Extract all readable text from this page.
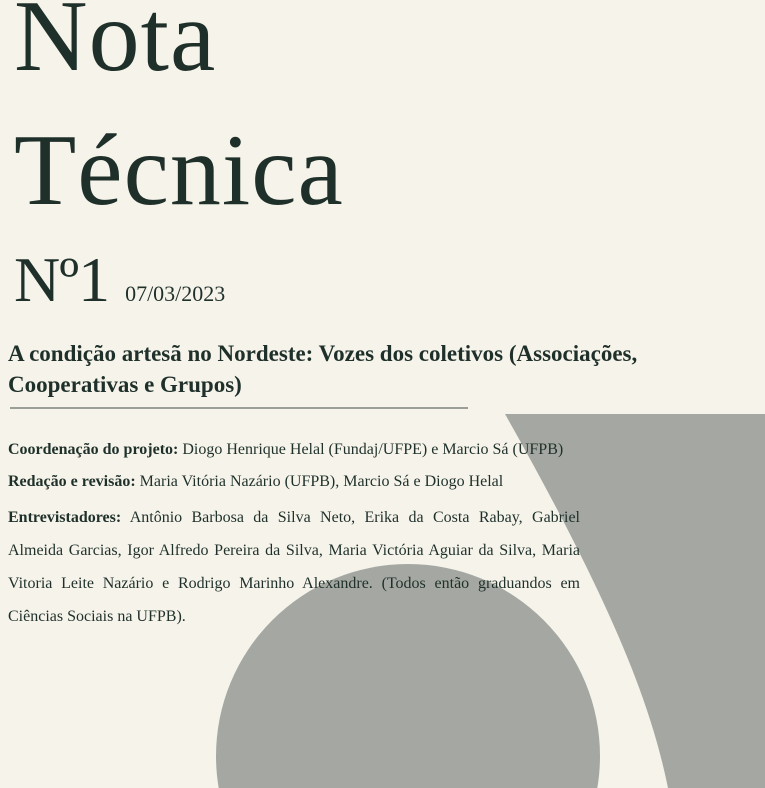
Nota
Técnica
Nº1 07/03/2023
A condição artesã no Nordeste: Vozes dos coletivos (Associações, Cooperativas e Grupos)

Coordenação do projeto: Diogo Henrique Helal (Fundaj/UFPE) e Marcio Sá (UFPB)

Redação e revisão: Maria Vitória Nazário (UFPB), Marcio Sá e Diogo Helal

Entrevistadores: Antônio Barbosa da Silva Neto, Erika da Costa Rabay, Gabriel Almeida Garcias, Igor Alfredo Pereira da Silva, Maria Victória Aguiar da Silva, Maria Vitoria Leite Nazário e Rodrigo Marinho Alexandre. (Todos então graduandos em Ciências Sociais na UFPB).
